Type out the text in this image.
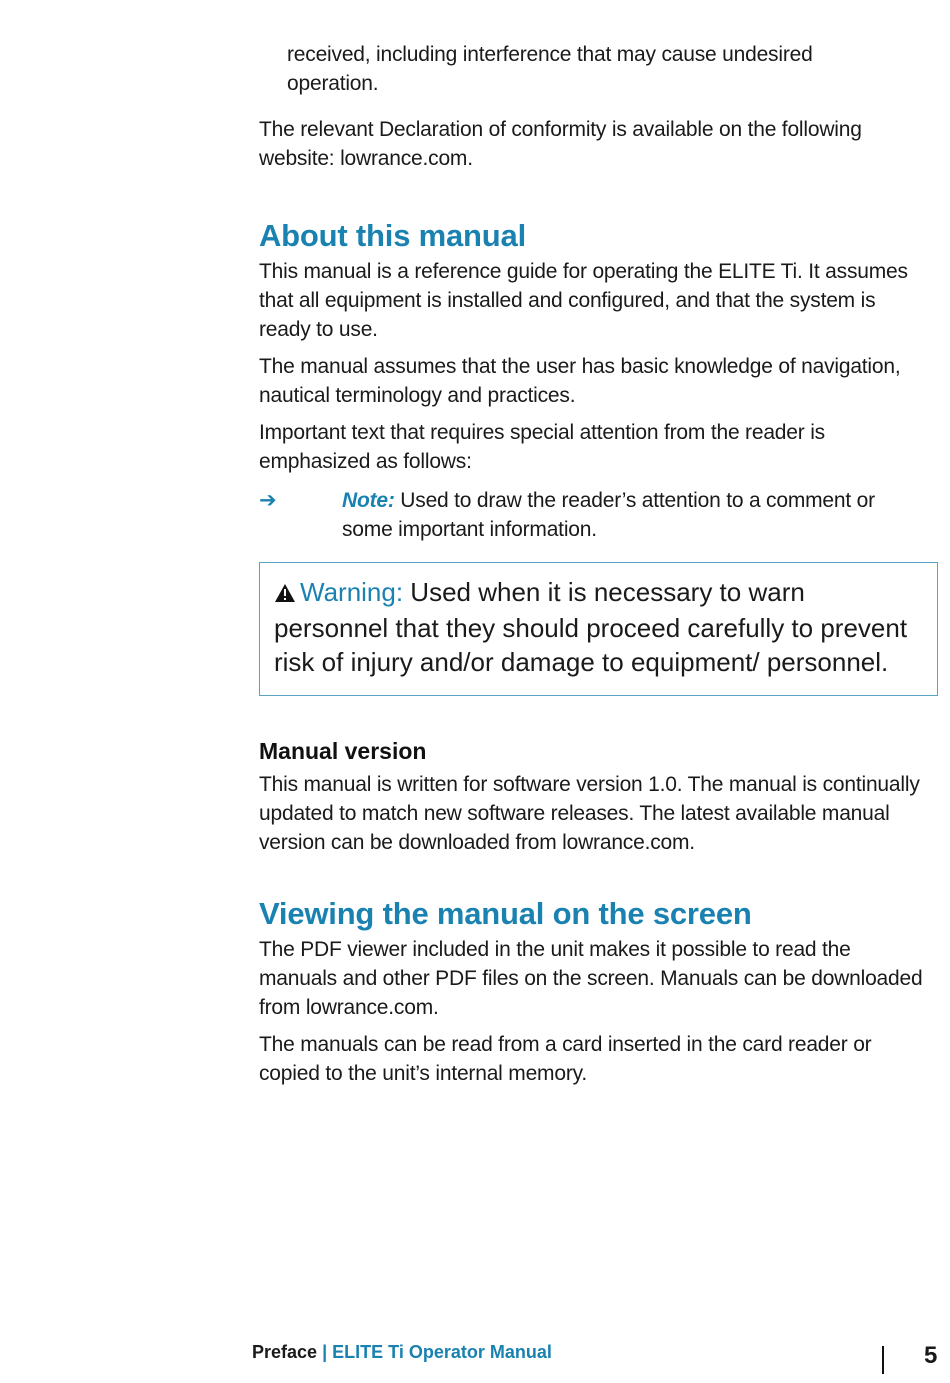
received, including interference that may cause undesired operation.

The relevant Declaration of conformity is available on the following website: lowrance.com.

About this manual

This manual is a reference guide for operating the ELITE Ti. It assumes that all equipment is installed and configured, and that the system is ready to use.

The manual assumes that the user has basic knowledge of navigation, nautical terminology and practices.

Important text that requires special attention from the reader is emphasized as follows:

➔	Note: Used to draw the reader’s attention to a comment or some important information.

Warning: Used when it is necessary to warn personnel that they should proceed carefully to prevent risk of injury and/or damage to equipment/ personnel.
Manual version

This manual is written for software version 1.0. The manual is continually updated to match new software releases. The latest available manual version can be downloaded from lowrance.com.

Viewing the manual on the screen

The PDF viewer included in the unit makes it possible to read the manuals and other PDF files on the screen. Manuals can be downloaded from lowrance.com.

The manuals can be read from a card inserted in the card reader or copied to the unit’s internal memory.

Preface | ELITE Ti Operator Manual	5
